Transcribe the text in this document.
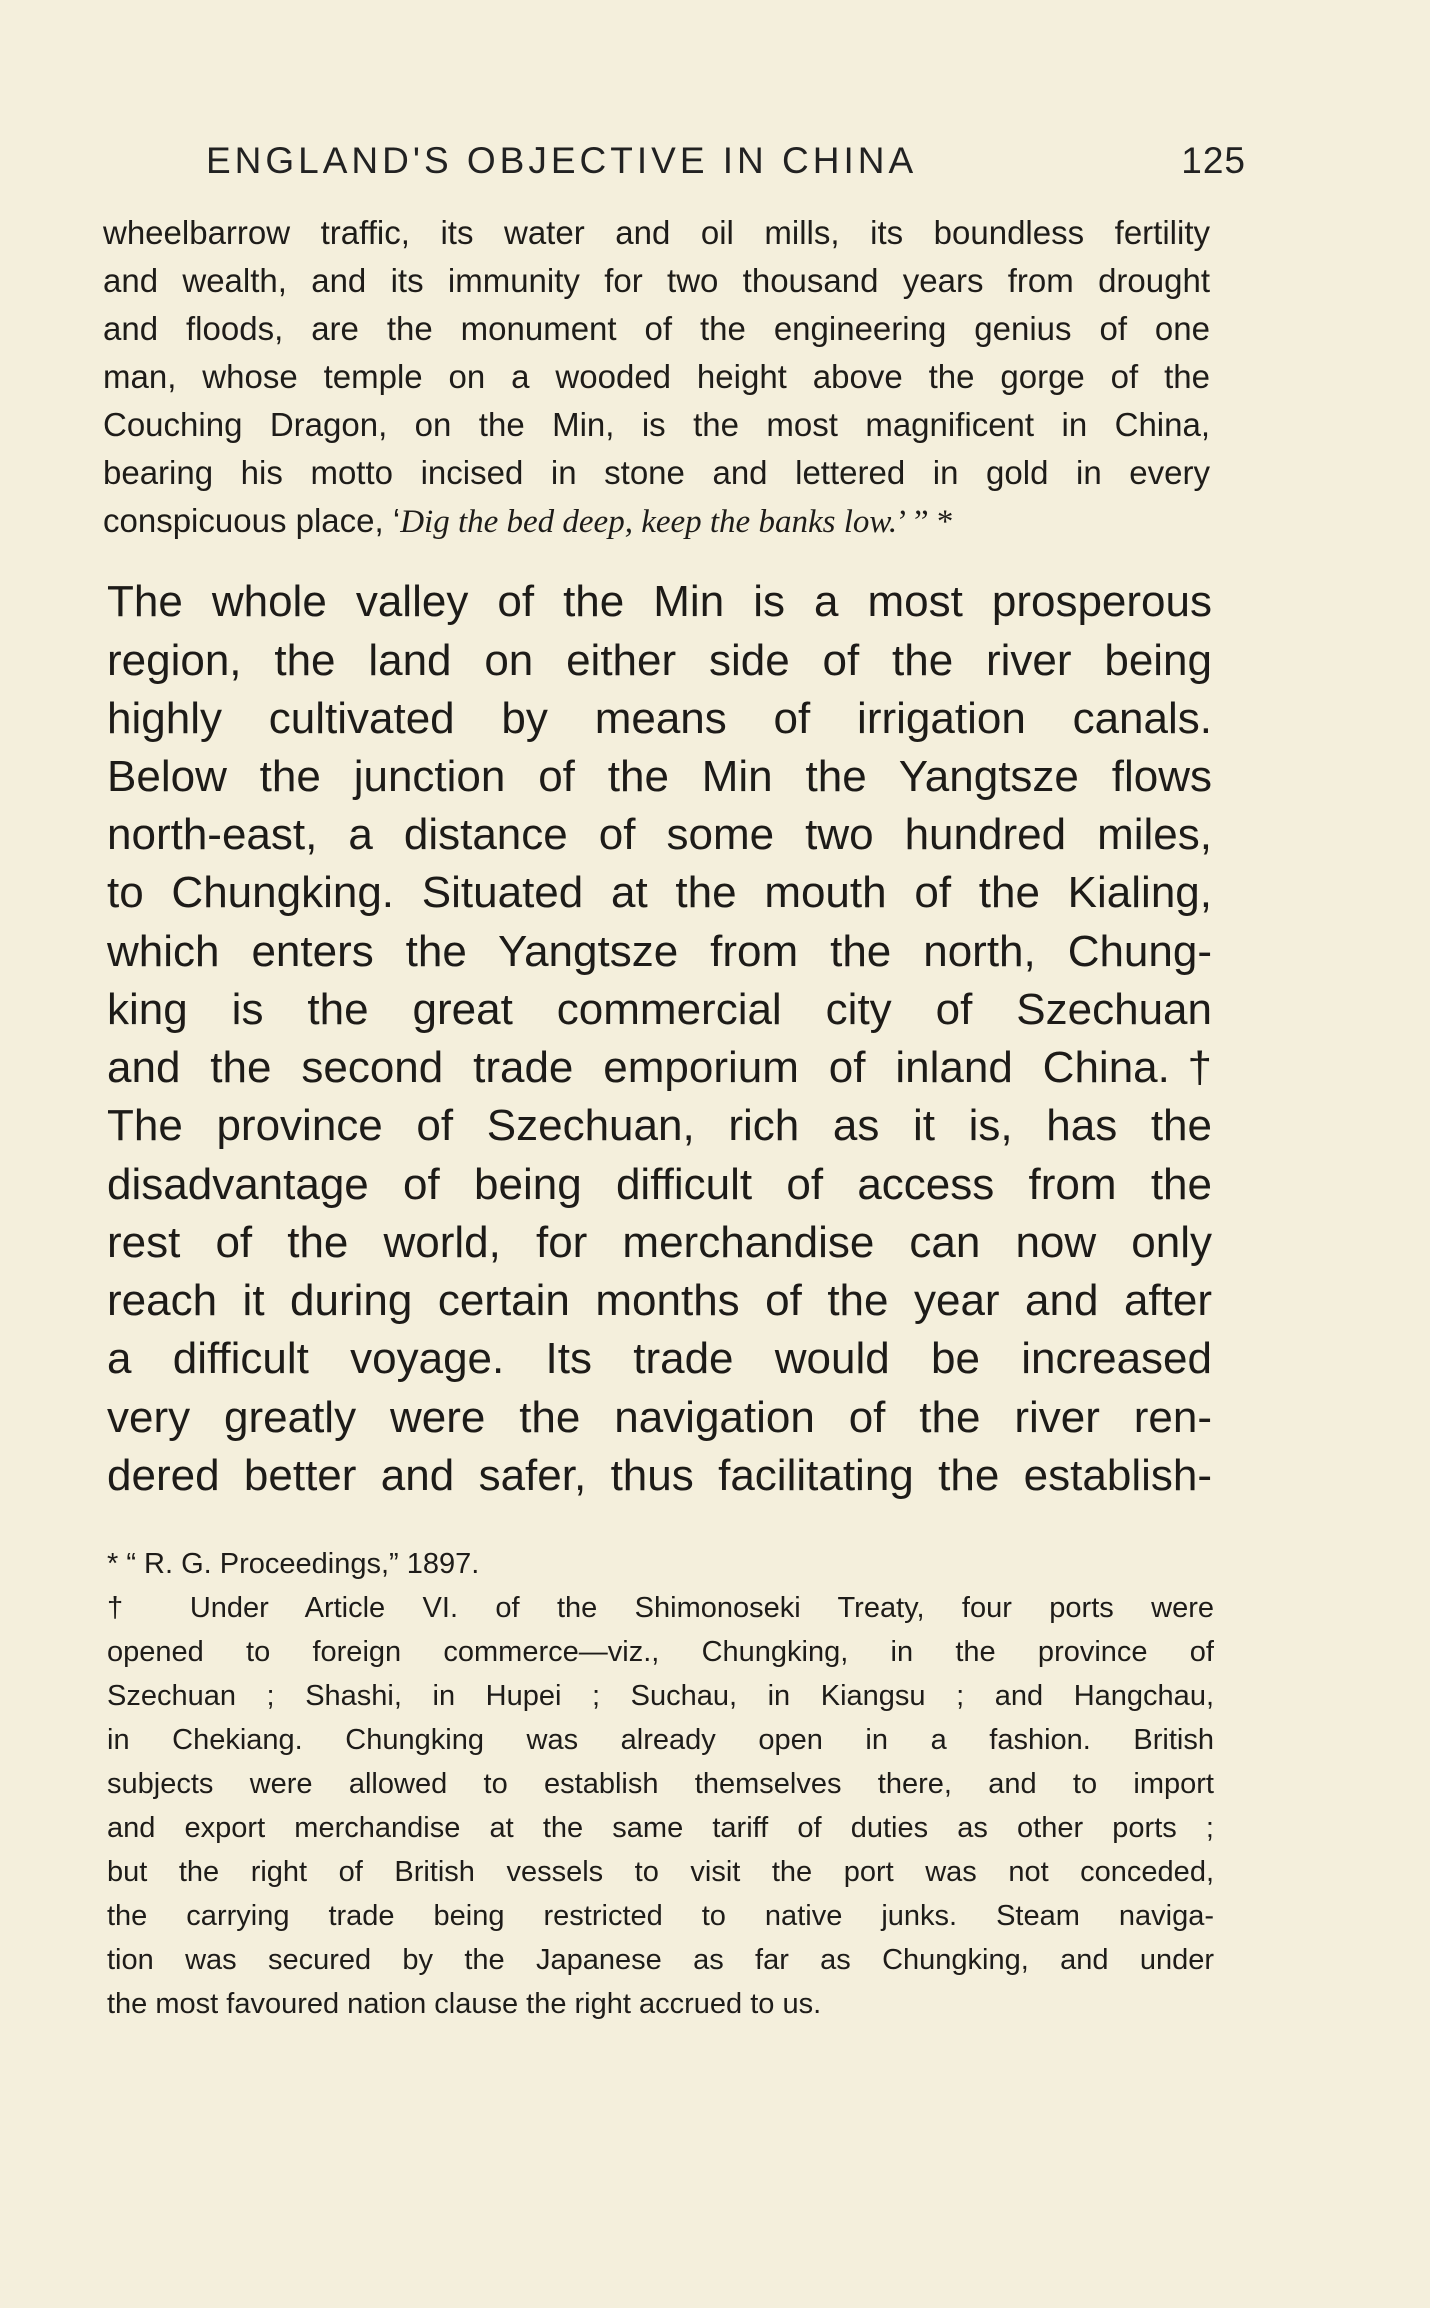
ENGLAND'S OBJECTIVE IN CHINA	125
wheelbarrow traffic, its water and oil mills, its boundless fertility
and wealth, and its immunity for two thousand years from drought
and floods, are the monument of the engineering genius of one
man, whose temple on a wooded height above the gorge of the
Couching Dragon, on the Min, is the most magnificent in China,
bearing his motto incised in stone and lettered in gold in every
conspicuous place, ‘Dig the bed deep, keep the banks low.’ ” *
The whole valley of the Min is a most prosperous
region, the land on either side of the river being
highly cultivated by means of irrigation canals.
Below the junction of the Min the Yangtsze flows
north-east, a distance of some two hundred miles,
to Chungking. Situated at the mouth of the Kialing,
which enters the Yangtsze from the north, Chung-
king is the great commercial city of Szechuan
and the second trade emporium of inland China.†
The province of Szechuan, rich as it is, has the
disadvantage of being difficult of access from the
rest of the world, for merchandise can now only
reach it during certain months of the year and after
a difficult voyage. Its trade would be increased
very greatly were the navigation of the river ren-
dered better and safer, thus facilitating the establish-
* “ R. G. Proceedings,” 1897.
† Under Article VI. of the Shimonoseki Treaty, four ports were
opened to foreign commerce—viz., Chungking, in the province of
Szechuan ; Shashi, in Hupei ; Suchau, in Kiangsu ; and Hangchau,
in Chekiang. Chungking was already open in a fashion. British
subjects were allowed to establish themselves there, and to import
and export merchandise at the same tariff of duties as other ports ;
but the right of British vessels to visit the port was not conceded,
the carrying trade being restricted to native junks. Steam naviga-
tion was secured by the Japanese as far as Chungking, and under
the most favoured nation clause the right accrued to us.
